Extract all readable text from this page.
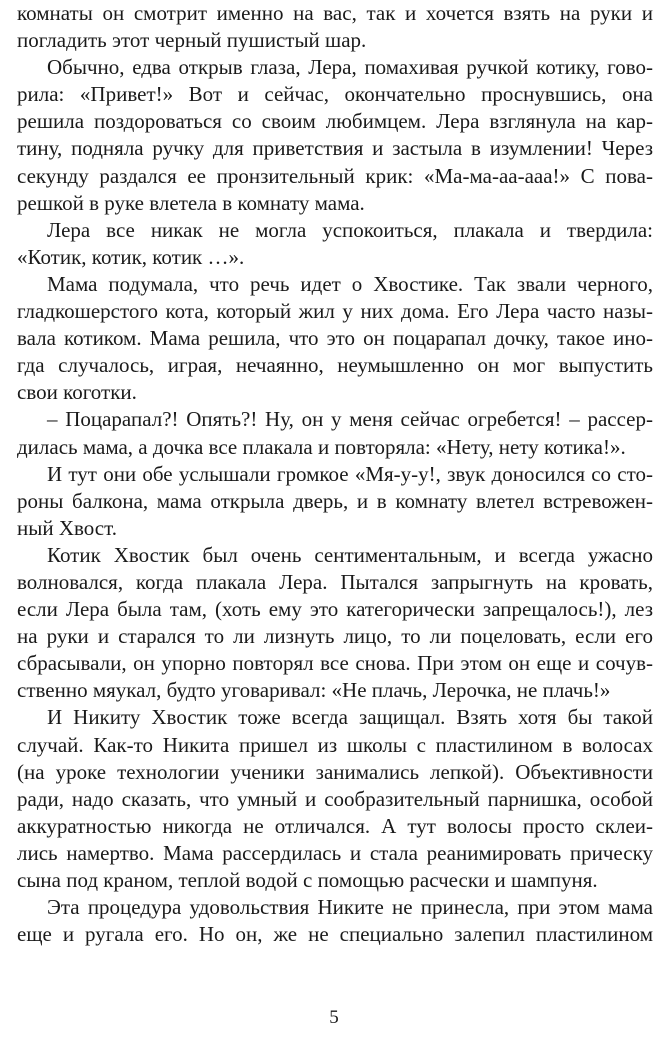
комнаты он смотрит именно на вас, так и хочется взять на руки и
погладить этот черный пушистый шар.
Обычно, едва открыв глаза, Лера, помахивая ручкой котику, гово-
рила: «Привет!» Вот и сейчас, окончательно проснувшись, она
решила поздороваться со своим любимцем. Лера взглянула на кар-
тину, подняла ручку для приветствия и застыла в изумлении! Через
секунду раздался ее пронзительный крик: «Ма-ма-аа-ааа!» С пова-
решкой в руке влетела в комнату мама.
Лера все никак не могла успокоиться, плакала и твердила:
«Котик, котик, котик …».
Мама подумала, что речь идет о Хвостике. Так звали черного,
гладкошерстого кота, который жил у них дома. Его Лера часто назы-
вала котиком. Мама решила, что это он поцарапал дочку, такое ино-
гда случалось, играя, нечаянно, неумышленно он мог выпустить
свои коготки.
– Поцарапал?! Опять?! Ну, он у меня сейчас огребется! – рассер-
дилась мама, а дочка все плакала и повторяла: «Нету, нету котика!».
И тут они обе услышали громкое «Мя-у-у!, звук доносился со сто-
роны балкона, мама открыла дверь, и в комнату влетел встревожен-
ный Хвост.
Котик Хвостик был очень сентиментальным, и всегда ужасно
волновался, когда плакала Лера. Пытался запрыгнуть на кровать,
если Лера была там, (хоть ему это категорически запрещалось!), лез
на руки и старался то ли лизнуть лицо, то ли поцеловать, если его
сбрасывали, он упорно повторял все снова. При этом он еще и сочув-
ственно мяукал, будто уговаривал: «Не плачь, Лерочка, не плачь!»
И Никиту Хвостик тоже всегда защищал. Взять хотя бы такой
случай. Как-то Никита пришел из школы с пластилином в волосах
(на уроке технологии ученики занимались лепкой). Объективности
ради, надо сказать, что умный и сообразительный парнишка, особой
аккуратностью никогда не отличался. А тут волосы просто склеи-
лись намертво. Мама рассердилась и стала реанимировать прическу
сына под краном, теплой водой с помощью расчески и шампуня.
Эта процедура удовольствия Никите не принесла, при этом мама
еще и ругала его. Но он, же не специально залепил пластилином
5
